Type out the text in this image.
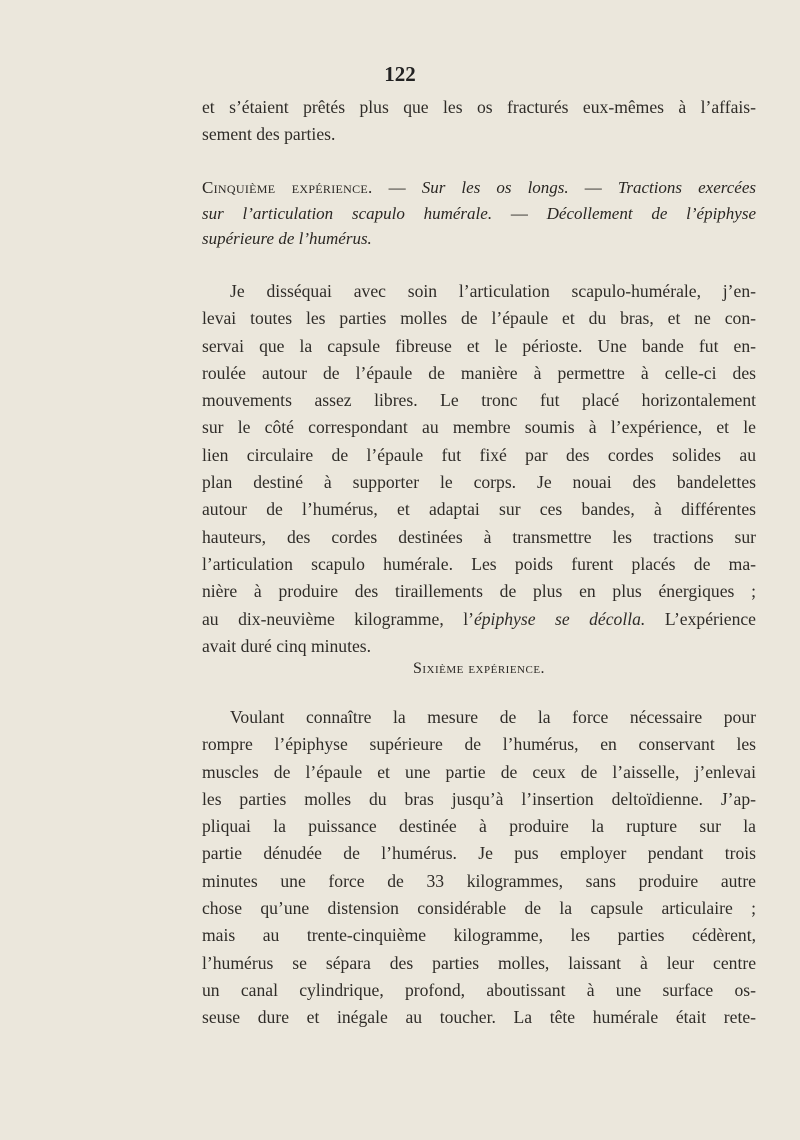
122
et s’étaient prêtés plus que les os fracturés eux-mêmes à l’affais-
sement des parties.
Cinquième expérience. — Sur les os longs. — Tractions exercées
sur l’articulation scapulo humérale. — Décollement de l’épiphyse
supérieure de l’humérus.
Je disséquai avec soin l’articulation scapulo-humérale, j’en-
levai toutes les parties molles de l’épaule et du bras, et ne con-
servai que la capsule fibreuse et le périoste. Une bande fut en-
roulée autour de l’épaule de manière à permettre à celle-ci des
mouvements assez libres. Le tronc fut placé horizontalement
sur le côté correspondant au membre soumis à l’expérience, et le
lien circulaire de l’épaule fut fixé par des cordes solides au
plan destiné à supporter le corps. Je nouai des bandelettes
autour de l’humérus, et adaptai sur ces bandes, à différentes
hauteurs, des cordes destinées à transmettre les tractions sur
l’articulation scapulo humérale. Les poids furent placés de ma-
nière à produire des tiraillements de plus en plus énergiques ;
au dix-neuvième kilogramme, l’épiphyse se décolla. L’expérience
avait duré cinq minutes.
Sixième expérience.
Voulant connaître la mesure de la force nécessaire pour
rompre l’épiphyse supérieure de l’humérus, en conservant les
muscles de l’épaule et une partie de ceux de l’aisselle, j’enlevai
les parties molles du bras jusqu’à l’insertion deltoïdienne. J’ap-
pliquai la puissance destinée à produire la rupture sur la
partie dénudée de l’humérus. Je pus employer pendant trois
minutes une force de 33 kilogrammes, sans produire autre
chose qu’une distension considérable de la capsule articulaire ;
mais au trente-cinquième kilogramme, les parties cédèrent,
l’humérus se sépara des parties molles, laissant à leur centre
un canal cylindrique, profond, aboutissant à une surface os-
seuse dure et inégale au toucher. La tête humérale était rete-
